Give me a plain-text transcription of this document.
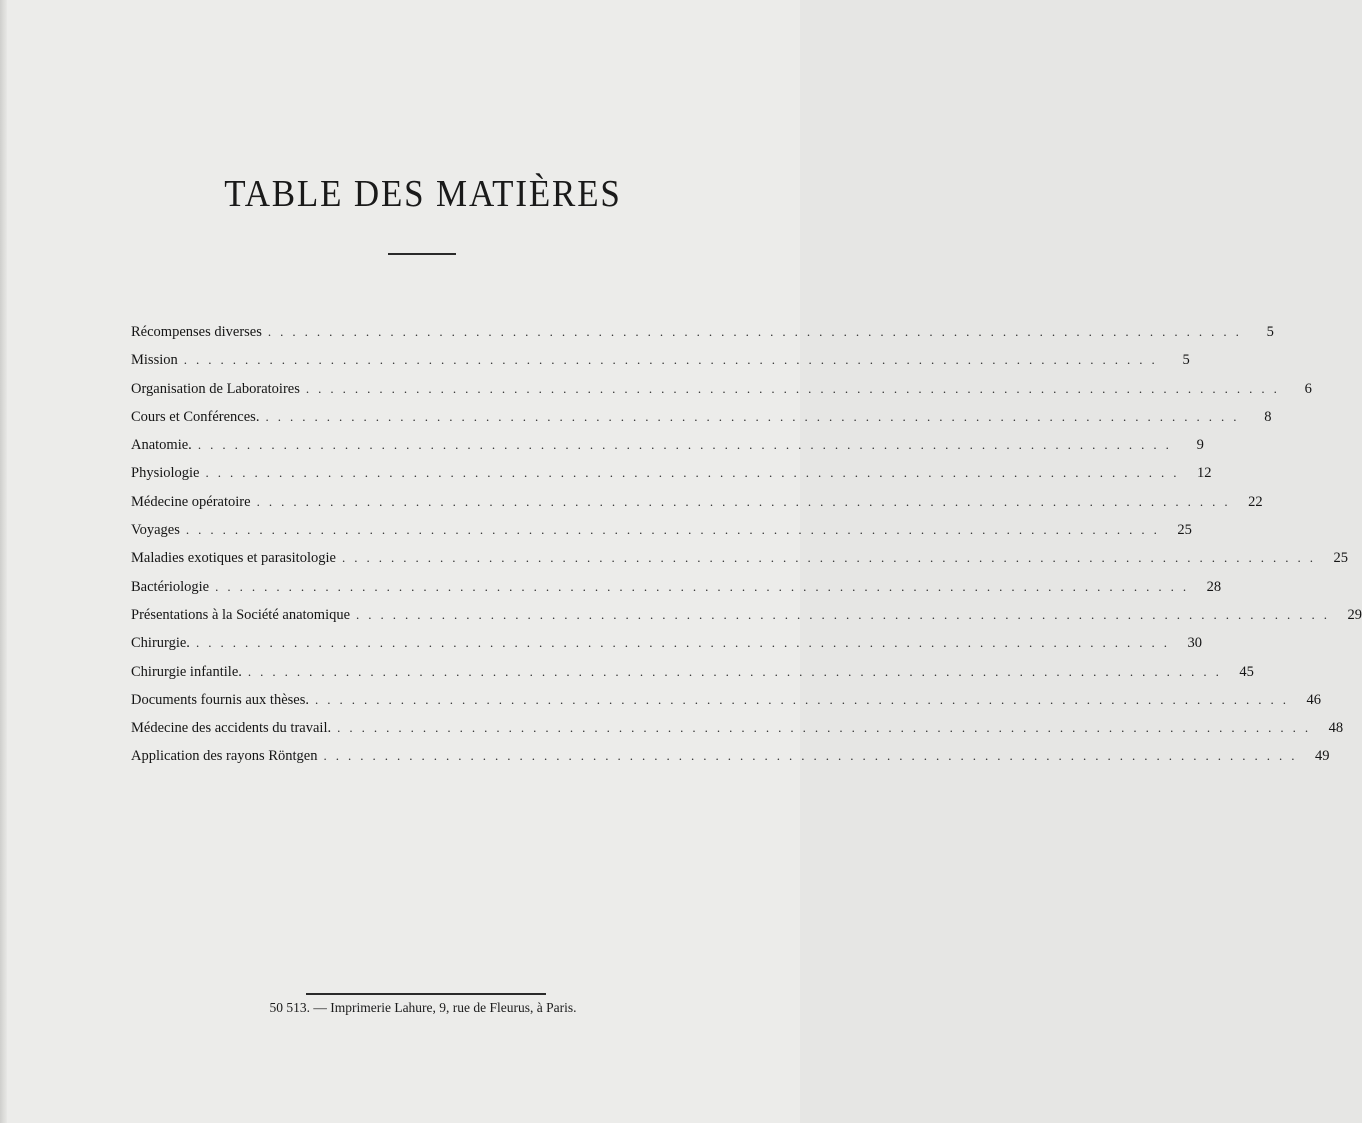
TABLE DES MATIÈRES
Récompenses diverses ................................................................................	5
Mission ................................................................................	5
Organisation de Laboratoires ................................................................................	6
Cours et Conférences. ................................................................................	8
Anatomie. ................................................................................	9
Physiologie ................................................................................ 12
Médecine opératoire ................................................................................ 22
Voyages ................................................................................ 25
Maladies exotiques et parasitologie ................................................................................ 25
Bactériologie ................................................................................ 28
Présentations à la Société anatomique ................................................................................ 29
Chirurgie. ................................................................................ 30
Chirurgie infantile. ................................................................................ 45
Documents fournis aux thèses. ................................................................................ 46
Médecine des accidents du travail. ................................................................................ 48
Application des rayons Röntgen ................................................................................ 49
50 513. — Imprimerie Lahure, 9, rue de Fleurus, à Paris.
